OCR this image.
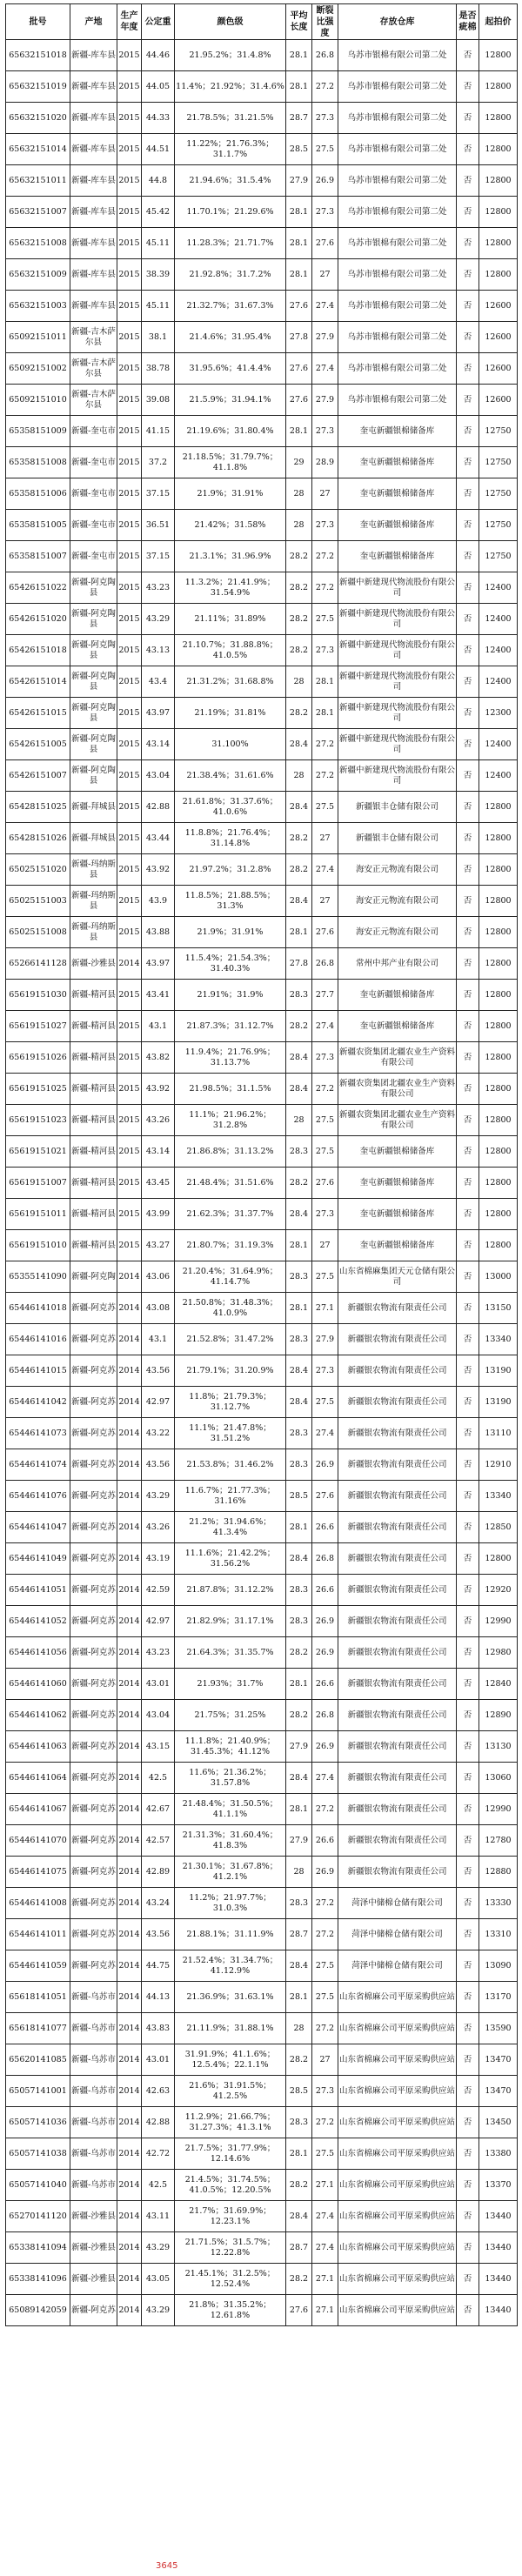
批号	产地	生产年度	公定重	颜色级	平均长度	断裂比强度	存放仓库	是否疵棉	起拍价
65632151018	新疆-库车县	2015	44.46	21.95.2%；31.4.8%	28.1	26.8	乌苏市银棉有限公司第二处	否	12800
65632151019	新疆-库车县	2015	44.05	11.4%；21.92%；31.4.6%	28.1	27.2	乌苏市银棉有限公司第二处	否	12800
65632151020	新疆-库车县	2015	44.33	21.78.5%；31.21.5%	28.7	27.3	乌苏市银棉有限公司第二处	否	12800
65632151014	新疆-库车县	2015	44.51	11.22%；21.76.3%；31.1.7%	28.5	27.5	乌苏市银棉有限公司第二处	否	12800
65632151011	新疆-库车县	2015	44.8	21.94.6%；31.5.4%	27.9	26.9	乌苏市银棉有限公司第二处	否	12800
65632151007	新疆-库车县	2015	45.42	11.70.1%；21.29.6%	28.1	27.3	乌苏市银棉有限公司第二处	否	12800
65632151008	新疆-库车县	2015	45.11	11.28.3%；21.71.7%	28.1	27.6	乌苏市银棉有限公司第二处	否	12800
65632151009	新疆-库车县	2015	38.39	21.92.8%；31.7.2%	28.1	27	乌苏市银棉有限公司第二处	否	12800
65632151003	新疆-库车县	2015	45.11	21.32.7%；31.67.3%	27.6	27.4	乌苏市银棉有限公司第二处	否	12600
65092151011	新疆-吉木萨尔县	2015	38.1	21.4.6%；31.95.4%	27.8	27.9	乌苏市银棉有限公司第二处	否	12600
65092151002	新疆-吉木萨尔县	2015	38.78	31.95.6%；41.4.4%	27.6	27.4	乌苏市银棉有限公司第二处	否	12600
65092151010	新疆-吉木萨尔县	2015	39.08	21.5.9%；31.94.1%	27.6	27.9	乌苏市银棉有限公司第二处	否	12600
65358151009	新疆-奎屯市	2015	41.15	21.19.6%；31.80.4%	28.1	27.3	奎屯新疆银棉储备库	否	12750
65358151008	新疆-奎屯市	2015	37.2	21.18.5%；31.79.7%；41.1.8%	29	28.9	奎屯新疆银棉储备库	否	12750
65358151006	新疆-奎屯市	2015	37.15	21.9%；31.91%	28	27	奎屯新疆银棉储备库	否	12750
65358151005	新疆-奎屯市	2015	36.51	21.42%；31.58%	28	27.3	奎屯新疆银棉储备库	否	12750
65358151007	新疆-奎屯市	2015	37.15	21.3.1%；31.96.9%	28.2	27.2	奎屯新疆银棉储备库	否	12750
65426151022	新疆-阿克陶县	2015	43.23	11.3.2%；21.41.9%；31.54.9%	28.2	27.2	新疆中新建现代物流股份有限公司	否	12400
65426151020	新疆-阿克陶县	2015	43.29	21.11%；31.89%	28.2	27.5	新疆中新建现代物流股份有限公司	否	12400
65426151018	新疆-阿克陶县	2015	43.13	21.10.7%；31.88.8%；41.0.5%	28.2	27.3	新疆中新建现代物流股份有限公司	否	12400
65426151014	新疆-阿克陶县	2015	43.4	21.31.2%；31.68.8%	28	28.1	新疆中新建现代物流股份有限公司	否	12400
65426151015	新疆-阿克陶县	2015	43.97	21.19%；31.81%	28.2	28.1	新疆中新建现代物流股份有限公司	否	12300
65426151005	新疆-阿克陶县	2015	43.14	31.100%	28.4	27.2	新疆中新建现代物流股份有限公司	否	12400
65426151007	新疆-阿克陶县	2015	43.04	21.38.4%；31.61.6%	28	27.2	新疆中新建现代物流股份有限公司	否	12400
65428151025	新疆-拜城县	2015	42.88	21.61.8%；31.37.6%；41.0.6%	28.4	27.5	新疆银丰仓储有限公司	否	12800
65428151026	新疆-拜城县	2015	43.44	11.8.8%；21.76.4%；31.14.8%	28.2	27	新疆银丰仓储有限公司	否	12800
65025151020	新疆-玛纳斯县	2015	43.92	21.97.2%；31.2.8%	28.2	27.4	海安正元物流有限公司	否	12800
65025151003	新疆-玛纳斯县	2015	43.9	11.8.5%；21.88.5%；31.3%	28.4	27	海安正元物流有限公司	否	12800
65025151008	新疆-玛纳斯县	2015	43.88	21.9%；31.91%	28.1	27.6	海安正元物流有限公司	否	12800
65266141128	新疆-沙雅县	2014	43.97	11.5.4%；21.54.3%；31.40.3%	27.8	26.8	常州中邦产业有限公司	否	12800
65619151030	新疆-精河县	2015	43.41	21.91%；31.9%	28.3	27.7	奎屯新疆银棉储备库	否	12800
65619151027	新疆-精河县	2015	43.1	21.87.3%；31.12.7%	28.2	27.4	奎屯新疆银棉储备库	否	12800
65619151026	新疆-精河县	2015	43.82	11.9.4%；21.76.9%；31.13.7%	28.4	27.3	新疆农资集团北疆农业生产资料有限公司	否	12800
65619151025	新疆-精河县	2015	43.92	21.98.5%；31.1.5%	28.4	27.2	新疆农资集团北疆农业生产资料有限公司	否	12800
65619151023	新疆-精河县	2015	43.26	11.1%；21.96.2%；31.2.8%	28	27.5	新疆农资集团北疆农业生产资料有限公司	否	12800
65619151021	新疆-精河县	2015	43.14	21.86.8%；31.13.2%	28.3	27.5	奎屯新疆银棉储备库	否	12800
65619151007	新疆-精河县	2015	43.45	21.48.4%；31.51.6%	28.2	27.6	奎屯新疆银棉储备库	否	12800
65619151011	新疆-精河县	2015	43.99	21.62.3%；31.37.7%	28.4	27.3	奎屯新疆银棉储备库	否	12800
65619151010	新疆-精河县	2015	43.27	21.80.7%；31.19.3%	28.1	27	奎屯新疆银棉储备库	否	12800
65355141090	新疆-阿克陶	2014	43.06	21.20.4%；31.64.9%；41.14.7%	28.3	27.5	山东省棉麻集团天元仓储有限公司	否	13000
65446141018	新疆-阿克苏	2014	43.08	21.50.8%；31.48.3%；41.0.9%	28.1	27.1	新疆银农物流有限责任公司	否	13150
65446141016	新疆-阿克苏	2014	43.1	21.52.8%；31.47.2%	28.3	27.9	新疆银农物流有限责任公司	否	13340
65446141015	新疆-阿克苏	2014	43.56	21.79.1%；31.20.9%	28.4	27.3	新疆银农物流有限责任公司	否	13190
65446141042	新疆-阿克苏	2014	42.97	11.8%；21.79.3%；31.12.7%	28.4	27.5	新疆银农物流有限责任公司	否	13190
65446141073	新疆-阿克苏	2014	43.22	11.1%；21.47.8%；31.51.2%	28.3	27.4	新疆银农物流有限责任公司	否	13110
65446141074	新疆-阿克苏	2014	43.56	21.53.8%；31.46.2%	28.3	26.9	新疆银农物流有限责任公司	否	12910
65446141076	新疆-阿克苏	2014	43.29	11.6.7%；21.77.3%；31.16%	28.5	27.6	新疆银农物流有限责任公司	否	13340
65446141047	新疆-阿克苏	2014	43.26	21.2%；31.94.6%；41.3.4%	28.1	26.6	新疆银农物流有限责任公司	否	12850
65446141049	新疆-阿克苏	2014	43.19	11.1.6%；21.42.2%；31.56.2%	28.4	26.8	新疆银农物流有限责任公司	否	12800
65446141051	新疆-阿克苏	2014	42.59	21.87.8%；31.12.2%	28.3	26.6	新疆银农物流有限责任公司	否	12920
65446141052	新疆-阿克苏	2014	42.97	21.82.9%；31.17.1%	28.3	26.9	新疆银农物流有限责任公司	否	12990
65446141056	新疆-阿克苏	2014	43.23	21.64.3%；31.35.7%	28.2	26.9	新疆银农物流有限责任公司	否	12980
65446141060	新疆-阿克苏	2014	43.01	21.93%；31.7%	28.1	26.6	新疆银农物流有限责任公司	否	12840
65446141062	新疆-阿克苏	2014	43.04	21.75%；31.25%	28.2	26.8	新疆银农物流有限责任公司	否	12890
65446141063	新疆-阿克苏	2014	43.15	11.1.8%；21.40.9%；31.45.3%；41.12%	27.9	26.9	新疆银农物流有限责任公司	否	13130
65446141064	新疆-阿克苏	2014	42.5	11.6%；21.36.2%；31.57.8%	28.4	27.4	新疆银农物流有限责任公司	否	13060
65446141067	新疆-阿克苏	2014	42.67	21.48.4%；31.50.5%；41.1.1%	28.1	27.2	新疆银农物流有限责任公司	否	12990
65446141070	新疆-阿克苏	2014	42.57	21.31.3%；31.60.4%；41.8.3%	27.9	26.6	新疆银农物流有限责任公司	否	12780
65446141075	新疆-阿克苏	2014	42.89	21.30.1%；31.67.8%；41.2.1%	28	26.9	新疆银农物流有限责任公司	否	12880
65446141008	新疆-阿克苏	2014	43.24	11.2%；21.97.7%；31.0.3%	28.3	27.2	菏泽中储棉仓储有限公司	否	13330
65446141011	新疆-阿克苏	2014	43.56	21.88.1%；31.11.9%	28.7	27.2	菏泽中储棉仓储有限公司	否	13310
65446141059	新疆-阿克苏	2014	44.75	21.52.4%；31.34.7%；41.12.9%	28.4	27.5	菏泽中储棉仓储有限公司	否	13090
65618141051	新疆-乌苏市	2014	44.13	21.36.9%；31.63.1%	28.1	27.5	山东省棉麻公司平原采购供应站	否	13170
65618141077	新疆-乌苏市	2014	43.83	21.11.9%；31.88.1%	28	27.2	山东省棉麻公司平原采购供应站	否	13590
65620141085	新疆-乌苏市	2014	43.01	31.91.9%；41.1.6%；12.5.4%；22.1.1%	28.2	27	山东省棉麻公司平原采购供应站	否	13470
65057141001	新疆-乌苏市	2014	42.63	21.6%；31.91.5%；41.2.5%	28.5	27.3	山东省棉麻公司平原采购供应站	否	13470
65057141036	新疆-乌苏市	2014	42.88	11.2.9%；21.66.7%；31.27.3%；41.3.1%	28.3	27.2	山东省棉麻公司平原采购供应站	否	13450
65057141038	新疆-乌苏市	2014	42.72	21.7.5%；31.77.9%；12.14.6%	28.1	27.5	山东省棉麻公司平原采购供应站	否	13380
65057141040	新疆-乌苏市	2014	42.5	21.4.5%；31.74.5%；41.0.5%；12.20.5%	28.2	27.1	山东省棉麻公司平原采购供应站	否	13370
65270141120	新疆-沙雅县	2014	43.11	21.7%；31.69.9%；12.23.1%	28.4	27.4	山东省棉麻公司平原采购供应站	否	13440
65338141094	新疆-沙雅县	2014	43.29	21.71.5%；31.5.7%；12.22.8%	28.7	27.4	山东省棉麻公司平原采购供应站	否	13440
65338141096	新疆-沙雅县	2014	43.05	21.45.1%；31.2.5%；12.52.4%	28.2	27.1	山东省棉麻公司平原采购供应站	否	13440
65089142059	新疆-阿克苏	2014	43.29	21.8%；31.35.2%；12.61.8%	27.6	27.1	山东省棉麻公司平原采购供应站	否	13440
3645
